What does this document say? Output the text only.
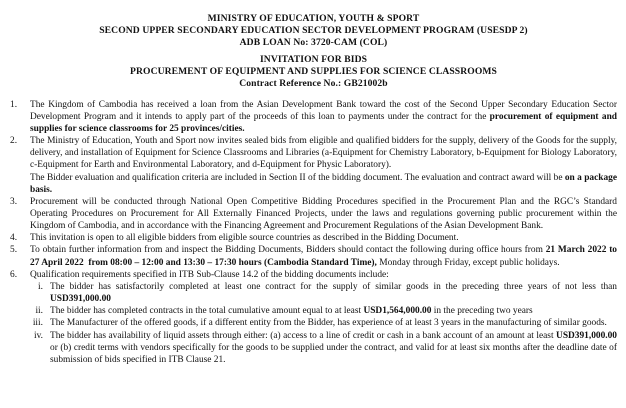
MINISTRY OF EDUCATION, YOUTH & SPORT
SECOND UPPER SECONDARY EDUCATION SECTOR DEVELOPMENT PROGRAM (USESDP 2)
ADB LOAN No: 3720-CAM (COL)
INVITATION FOR BIDS
PROCUREMENT OF EQUIPMENT AND SUPPLIES FOR SCIENCE CLASSROOMS
Contract Reference No.: GB21002b
1.	The Kingdom of Cambodia has received a loan from the Asian Development Bank toward the cost of the Second Upper Secondary Education Sector Development Program and it intends to apply part of the proceeds of this loan to payments under the contract for the procurement of equipment and supplies for science classrooms for 25 provinces/cities.

2.	The Ministry of Education, Youth and Sport now invites sealed bids from eligible and qualified bidders for the supply, delivery of the Goods for the supply, delivery, and installation of Equipment for Science Classrooms and Libraries (a-Equipment for Chemistry Laboratory, b-Equipment for Biology Laboratory, c-Equipment for Earth and Environmental Laboratory, and d-Equipment for Physic Laboratory).

The Bidder evaluation and qualification criteria are included in Section II of the bidding document. The evaluation and contract award will be on a package basis.

3.	Procurement will be conducted through National Open Competitive Bidding Procedures specified in the Procurement Plan and the RGC’s Standard Operating Procedures on Procurement for All Externally Financed Projects, under the laws and regulations governing public procurement within the Kingdom of Cambodia, and in accordance with the Financing Agreement and Procurement Regulations of the Asian Development Bank.

4.	This invitation is open to all eligible bidders from eligible source countries as described in the Bidding Document.

5.	To obtain further information from and inspect the Bidding Documents, Bidders should contact the following during office hours from 21 March 2022 to 27 April 2022  from 08:00 – 12:00 and 13:30 – 17:30 hours (Cambodia Standard Time), Monday through Friday, except public holidays.

6.	Qualification requirements specified in ITB Sub-Clause 14.2 of the bidding documents include:

i. The bidder has satisfactorily completed at least one contract for the supply of similar goods in the preceding three years of not less than USD391,000.00

ii. The bidder has completed contracts in the total cumulative amount equal to at least USD1,564,000.00 in the preceding two years

iii. The Manufacturer of the offered goods, if a different entity from the Bidder, has experience of at least 3 years in the manufacturing of similar goods.

iv. The bidder has availability of liquid assets through either: (a) access to a line of credit or cash in a bank account of an amount at least USD391,000.00 or (b) credit terms with vendors specifically for the goods to be supplied under the contract, and valid for at least six months after the deadline date of submission of bids specified in ITB Clause 21.
